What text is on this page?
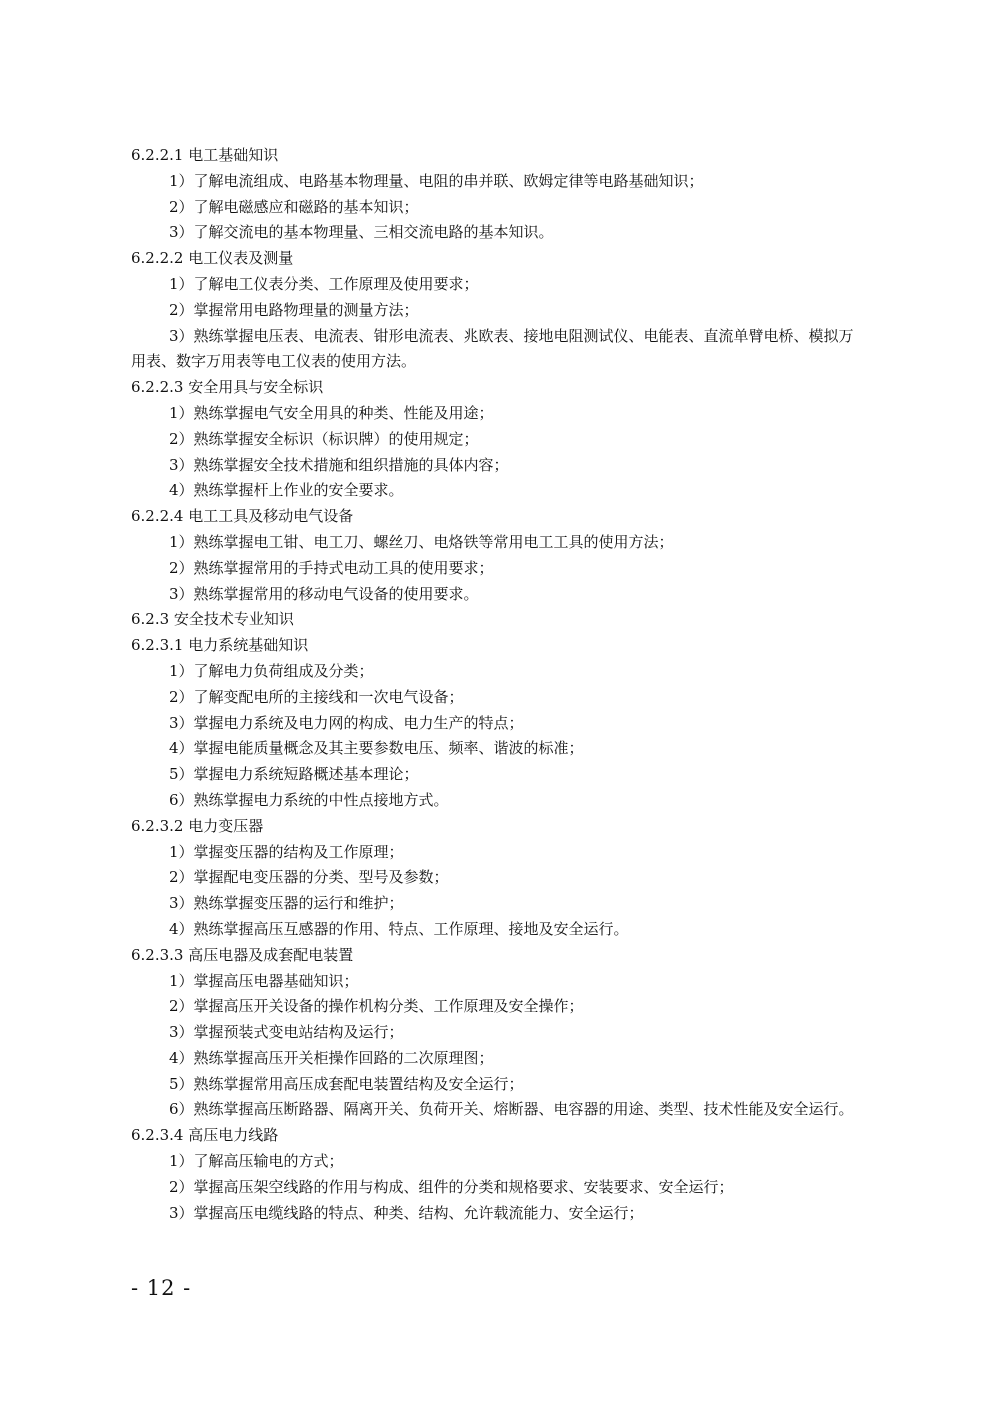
6.2.2.1 电工基础知识
1）了解电流组成、电路基本物理量、电阻的串并联、欧姆定律等电路基础知识；
2）了解电磁感应和磁路的基本知识；
3）了解交流电的基本物理量、三相交流电路的基本知识。
6.2.2.2 电工仪表及测量
1）了解电工仪表分类、工作原理及使用要求；
2）掌握常用电路物理量的测量方法；
3）熟练掌握电压表、电流表、钳形电流表、兆欧表、接地电阻测试仪、电能表、直流单臂电桥、模拟万用表、数字万用表等电工仪表的使用方法。
6.2.2.3 安全用具与安全标识
1）熟练掌握电气安全用具的种类、性能及用途；
2）熟练掌握安全标识（标识牌）的使用规定；
3）熟练掌握安全技术措施和组织措施的具体内容；
4）熟练掌握杆上作业的安全要求。
6.2.2.4 电工工具及移动电气设备
1）熟练掌握电工钳、电工刀、螺丝刀、电烙铁等常用电工工具的使用方法；
2）熟练掌握常用的手持式电动工具的使用要求；
3）熟练掌握常用的移动电气设备的使用要求。
6.2.3 安全技术专业知识
6.2.3.1 电力系统基础知识
1）了解电力负荷组成及分类；
2）了解变配电所的主接线和一次电气设备；
3）掌握电力系统及电力网的构成、电力生产的特点；
4）掌握电能质量概念及其主要参数电压、频率、谐波的标准；
5）掌握电力系统短路概述基本理论；
6）熟练掌握电力系统的中性点接地方式。
6.2.3.2 电力变压器
1）掌握变压器的结构及工作原理；
2）掌握配电变压器的分类、型号及参数；
3）熟练掌握变压器的运行和维护；
4）熟练掌握高压互感器的作用、特点、工作原理、接地及安全运行。
6.2.3.3 高压电器及成套配电装置
1）掌握高压电器基础知识；
2）掌握高压开关设备的操作机构分类、工作原理及安全操作；
3）掌握预装式变电站结构及运行；
4）熟练掌握高压开关柜操作回路的二次原理图；
5）熟练掌握常用高压成套配电装置结构及安全运行；
6）熟练掌握高压断路器、隔离开关、负荷开关、熔断器、电容器的用途、类型、技术性能及安全运行。
6.2.3.4 高压电力线路
1）了解高压输电的方式；
2）掌握高压架空线路的作用与构成、组件的分类和规格要求、安装要求、安全运行；
3）掌握高压电缆线路的特点、种类、结构、允许载流能力、安全运行；
- 12 -
